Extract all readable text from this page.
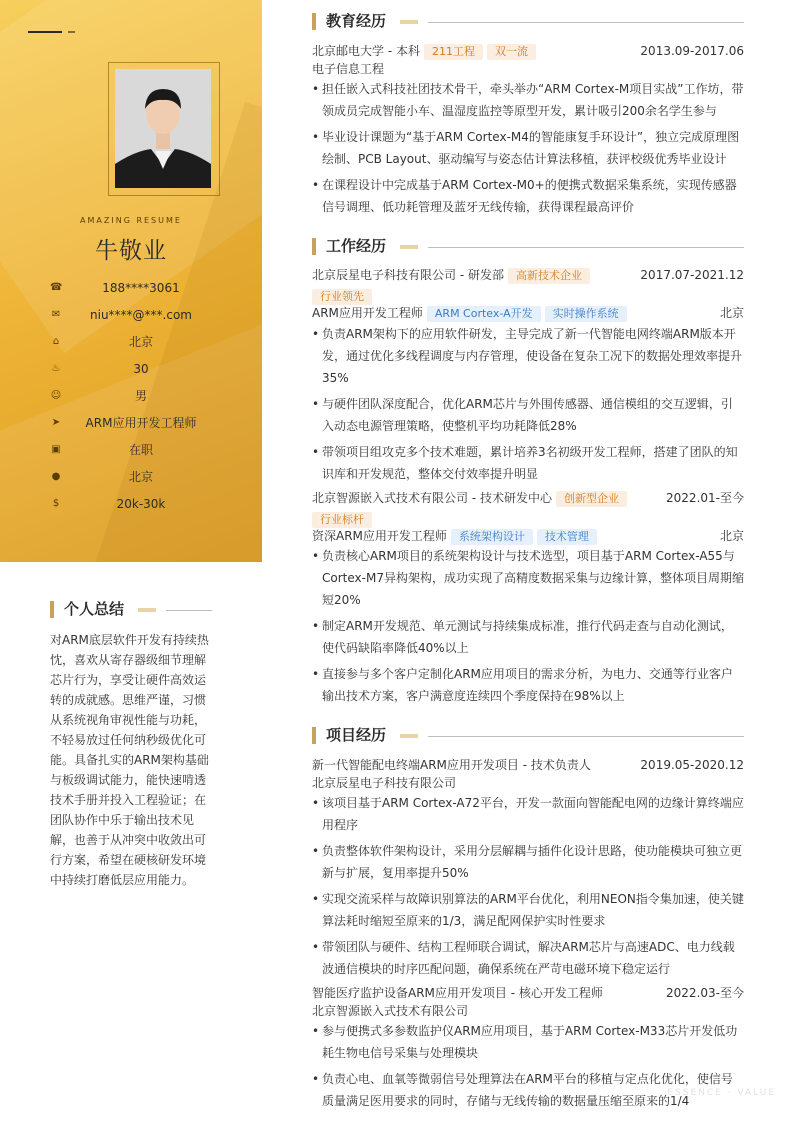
AMAZING RESUME
牛敬业
☎	188****3061
✉	niu****@***.com
⌂	北京
♨	30
☺	男
➤	ARM应用开发工程师
▣	在职
●	北京
$	20k-30k
个人总结
对ARM底层软件开发有持续热忱，喜欢从寄存器级细节理解芯片行为，享受让硬件高效运转的成就感。思维严谨，习惯从系统视角审视性能与功耗，不轻易放过任何纳秒级优化可能。具备扎实的ARM架构基础与板级调试能力，能快速啃透技术手册并投入工程验证；在团队协作中乐于输出技术见解，也善于从冲突中收敛出可行方案，希望在硬核研发环境中持续打磨低层应用能力。
教育经历
北京邮电大学 - 本科 211工程 双一流	2013.09-2017.06
电子信息工程
• 担任嵌入式科技社团技术骨干，牵头举办“ARM Cortex-M项目实战”工作坊，带领成员完成智能小车、温湿度监控等原型开发，累计吸引200余名学生参与
• 毕业设计课题为“基于ARM Cortex-M4的智能康复手环设计”，独立完成原理图绘制、PCB Layout、驱动编写与姿态估计算法移植，获评校级优秀毕业设计
• 在课程设计中完成基于ARM Cortex-M0+的便携式数据采集系统，实现传感器信号调理、低功耗管理及蓝牙无线传输，获得课程最高评价
工作经历
北京辰星电子科技有限公司 - 研发部 高新技术企业	2017.07-2021.12
行业领先
ARM应用开发工程师 ARM Cortex-A开发 实时操作系统	北京
• 负责ARM架构下的应用软件研发，主导完成了新一代智能电网终端ARM版本开发，通过优化多线程调度与内存管理，使设备在复杂工况下的数据处理效率提升35%
• 与硬件团队深度配合，优化ARM芯片与外围传感器、通信模组的交互逻辑，引入动态电源管理策略，使整机平均功耗降低28%
• 带领项目组攻克多个技术难题，累计培养3名初级开发工程师，搭建了团队的知识库和开发规范，整体交付效率提升明显
北京智源嵌入式技术有限公司 - 技术研发中心 创新型企业	2022.01-至今
行业标杆
资深ARM应用开发工程师 系统架构设计 技术管理	北京
• 负责核心ARM项目的系统架构设计与技术选型，项目基于ARM Cortex-A55与Cortex-M7异构架构，成功实现了高精度数据采集与边缘计算，整体项目周期缩短20%
• 制定ARM开发规范、单元测试与持续集成标准，推行代码走查与自动化测试，使代码缺陷率降低40%以上
• 直接参与多个客户定制化ARM应用项目的需求分析，为电力、交通等行业客户输出技术方案，客户满意度连续四个季度保持在98%以上
项目经历
新一代智能配电终端ARM应用开发项目 - 技术负责人	2019.05-2020.12
北京辰星电子科技有限公司
• 该项目基于ARM Cortex-A72平台，开发一款面向智能配电网的边缘计算终端应用程序
• 负责整体软件架构设计，采用分层解耦与插件化设计思路，使功能模块可独立更新与扩展，复用率提升50%
• 实现交流采样与故障识别算法的ARM平台优化，利用NEON指令集加速，使关键算法耗时缩短至原来的1/3，满足配网保护实时性要求
• 带领团队与硬件、结构工程师联合调试，解决ARM芯片与高速ADC、电力线载波通信模块的时序匹配问题，确保系统在严苛电磁环境下稳定运行
智能医疗监护设备ARM应用开发项目 - 核心开发工程师	2022.03-至今
北京智源嵌入式技术有限公司
• 参与便携式多参数监护仪ARM应用项目，基于ARM Cortex-M33芯片开发低功耗生物电信号采集与处理模块
• 负责心电、血氧等微弱信号处理算法在ARM平台的移植与定点化优化，使信号质量满足医用要求的同时，存储与无线传输的数据量压缩至原来的1/4
ESSENCE · VALUE
